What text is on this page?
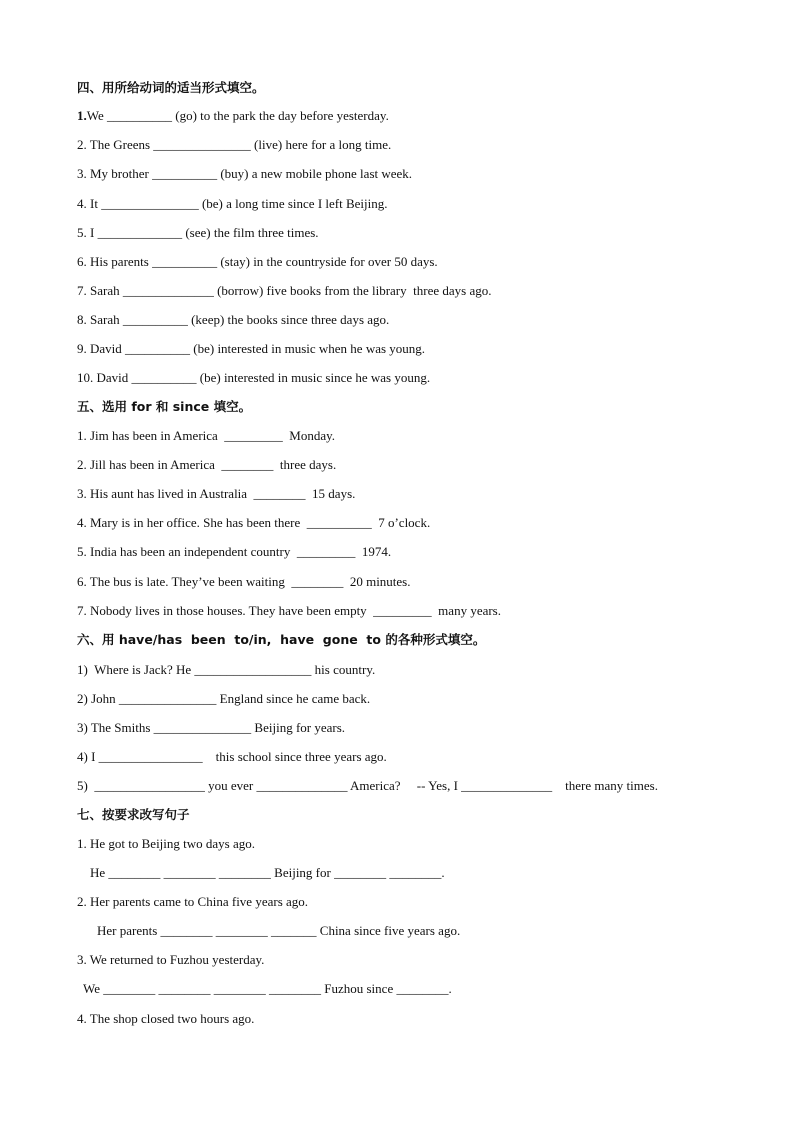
四、用所给动词的适当形式填空。
1.We __________ (go) to the park the day before yesterday.
2. The Greens _______________ (live) here for a long time.
3. My brother __________ (buy) a new mobile phone last week.
4. It _______________ (be) a long time since I left Beijing.
5. I _____________ (see) the film three times.
6. His parents __________ (stay) in the countryside for over 50 days.
7. Sarah ______________ (borrow) five books from the library  three days ago.
8. Sarah __________ (keep) the books since three days ago.
9. David __________ (be) interested in music when he was young.
10. David __________ (be) interested in music since he was young.
五、选用 for 和 since 填空。
1. Jim has been in America  _________  Monday.
2. Jill has been in America  ________  three days.
3. His aunt has lived in Australia  ________  15 days.
4. Mary is in her office. She has been there  __________  7 o’clock.
5. India has been an independent country  _________  1974.
6. The bus is late. They’ve been waiting  ________  20 minutes.
7. Nobody lives in those houses. They have been empty  _________  many years.
六、用 have/has  been  to/in,  have  gone  to 的各种形式填空。
1)  Where is Jack? He __________________ his country.
2) John _______________ England since he came back.
3) The Smiths _______________ Beijing for years.
4) I ________________    this school since three years ago.
5)  _________________ you ever ______________ America?     -- Yes, I ______________    there many times.
七、按要求改写句子
1. He got to Beijing two days ago.
He ________ ________ ________ Beijing for ________ ________.
2. Her parents came to China five years ago.
Her parents ________ ________ _______ China since five years ago.
3. We returned to Fuzhou yesterday.
We ________ ________ ________ ________ Fuzhou since ________.
4. The shop closed two hours ago.
